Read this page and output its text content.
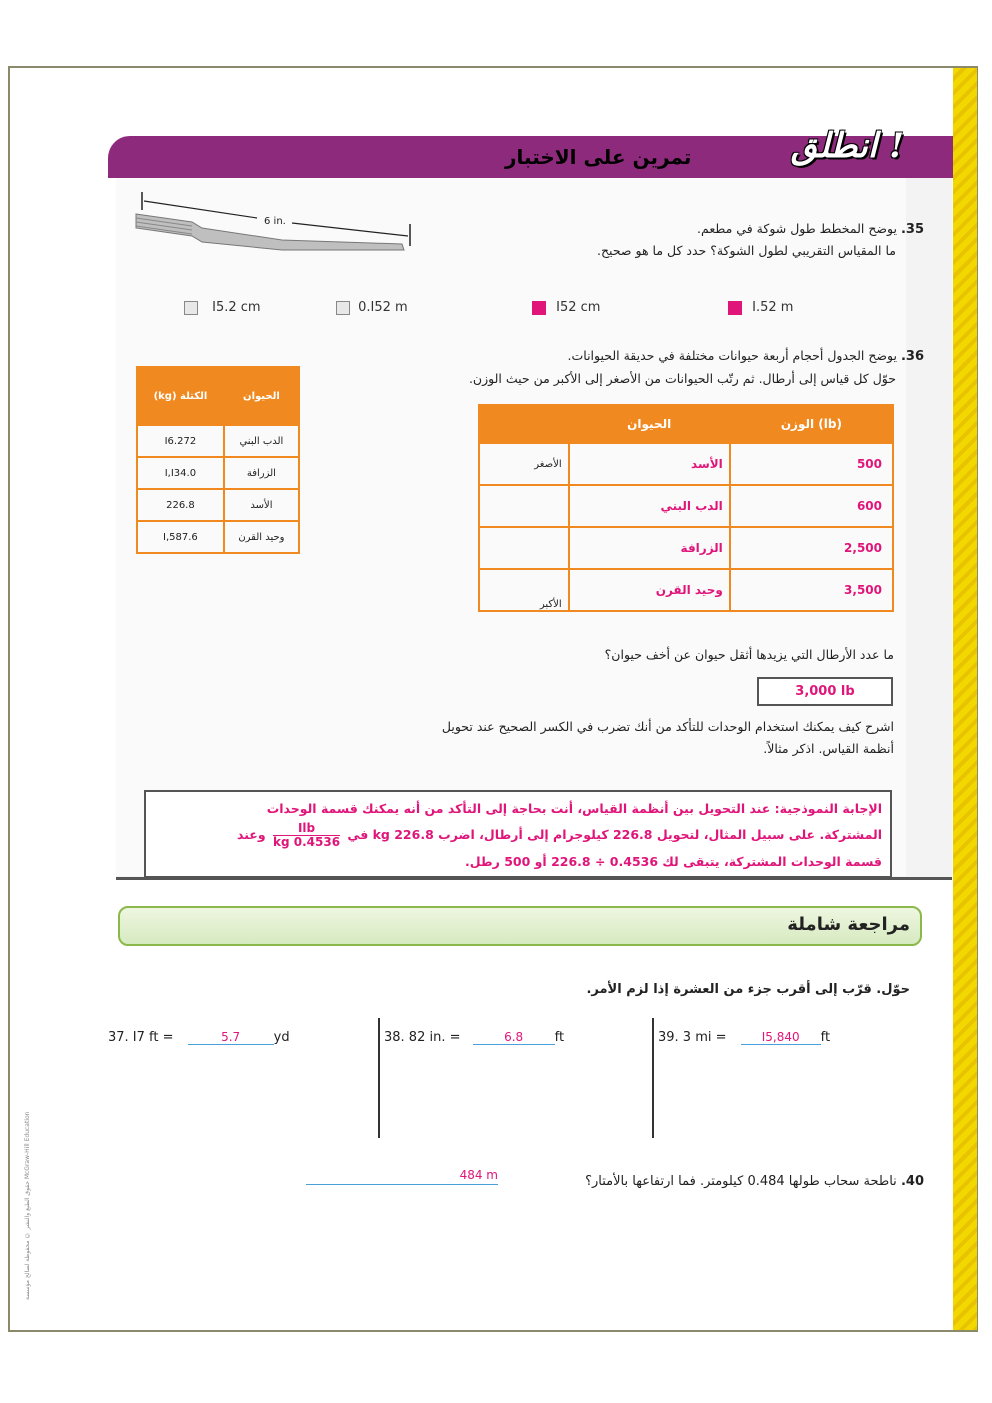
حقوق الطبع والنشر © محفوظة لصالح مؤسسة McGraw-Hill Education
انطلق !
تمرين على الاختبار
6 in.
35. يوضح المخطط طول شوكة في مطعم.
ما المقياس التقريبي لطول الشوكة؟ حدد كل ما هو صحيح.
I5.2 cm	0.I52 m	I52 cm	I.52 m
36. يوضح الجدول أحجام أربعة حيوانات مختلفة في حديقة الحيوانات.
حوّل كل قياس إلى أرطال. ثم رتّب الحيوانات من الأصغر إلى الأكبر من حيث الوزن.
الحيوان	الكتلة (kg)
الدب البني	272.I6
الزرافة	I,I34.0
الأسد	226.8
وحيد القرن	I,587.6
	الحيوان	الوزن (lb)
الأصغر	الأسد	500
	الدب البني	600
	الزرافة	2,500
الأكبر	وحيد القرن	3,500
ما عدد الأرطال التي يزيدها أثقل حيوان عن أخف حيوان؟
3,000 lb
اشرح كيف يمكنك استخدام الوحدات للتأكد من أنك تضرب في الكسر الصحيح عند تحويل
أنظمة القياس. اذكر مثالاً.
الإجابة النموذجية: عند التحويل بين أنظمة القياس، أنت بحاجة إلى التأكد من أنه يمكنك قسمة الوحدات
المشتركة. على سبيل المثال، لتحويل 226.8 كيلوجرام إلى أرطال، اضرب 226.8 kg في
Ilb
0.4536 kg
وعند
قسمة الوحدات المشتركة، يتبقى لك 0.4536 ÷ 226.8 أو 500 رطل.
مراجعة شاملة
حوّل. قرّب إلى أقرب جزء من العشرة إذا لزم الأمر.
37. I7 ft =	5.7	yd	38. 82 in. =	6.8 ft	39. 3 mi =	I5,840 ft
40. ناطحة سحاب طولها 0.484 كيلومتر. فما ارتفاعها بالأمتار؟
484 m
